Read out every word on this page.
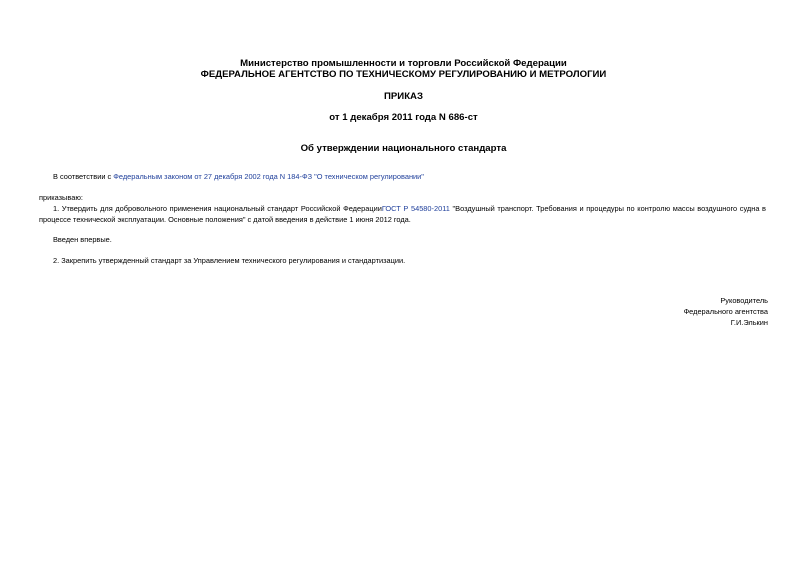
Министерство промышленности и торговли Российской Федерации
ФЕДЕРАЛЬНОЕ АГЕНТСТВО ПО ТЕХНИЧЕСКОМУ РЕГУЛИРОВАНИЮ И МЕТРОЛОГИИ
ПРИКАЗ
от 1 декабря 2011 года N 686-ст
Об утверждении национального стандарта
В соответствии с Федеральным законом от 27 декабря 2002 года N 184-ФЗ "О техническом регулировании"
приказываю:
1. Утвердить для добровольного применения национальный стандарт Российской ФедерацииГОСТ Р 54580-2011 "Воздушный транспорт. Требования и процедуры по контролю массы воздушного судна в процессе технической эксплуатации. Основные положения" с датой введения в действие 1 июня 2012 года.
Введен впервые.
2. Закрепить утвержденный стандарт за Управлением технического регулирования и стандартизации.
Руководитель
Федерального агентства
Г.И.Элькин
